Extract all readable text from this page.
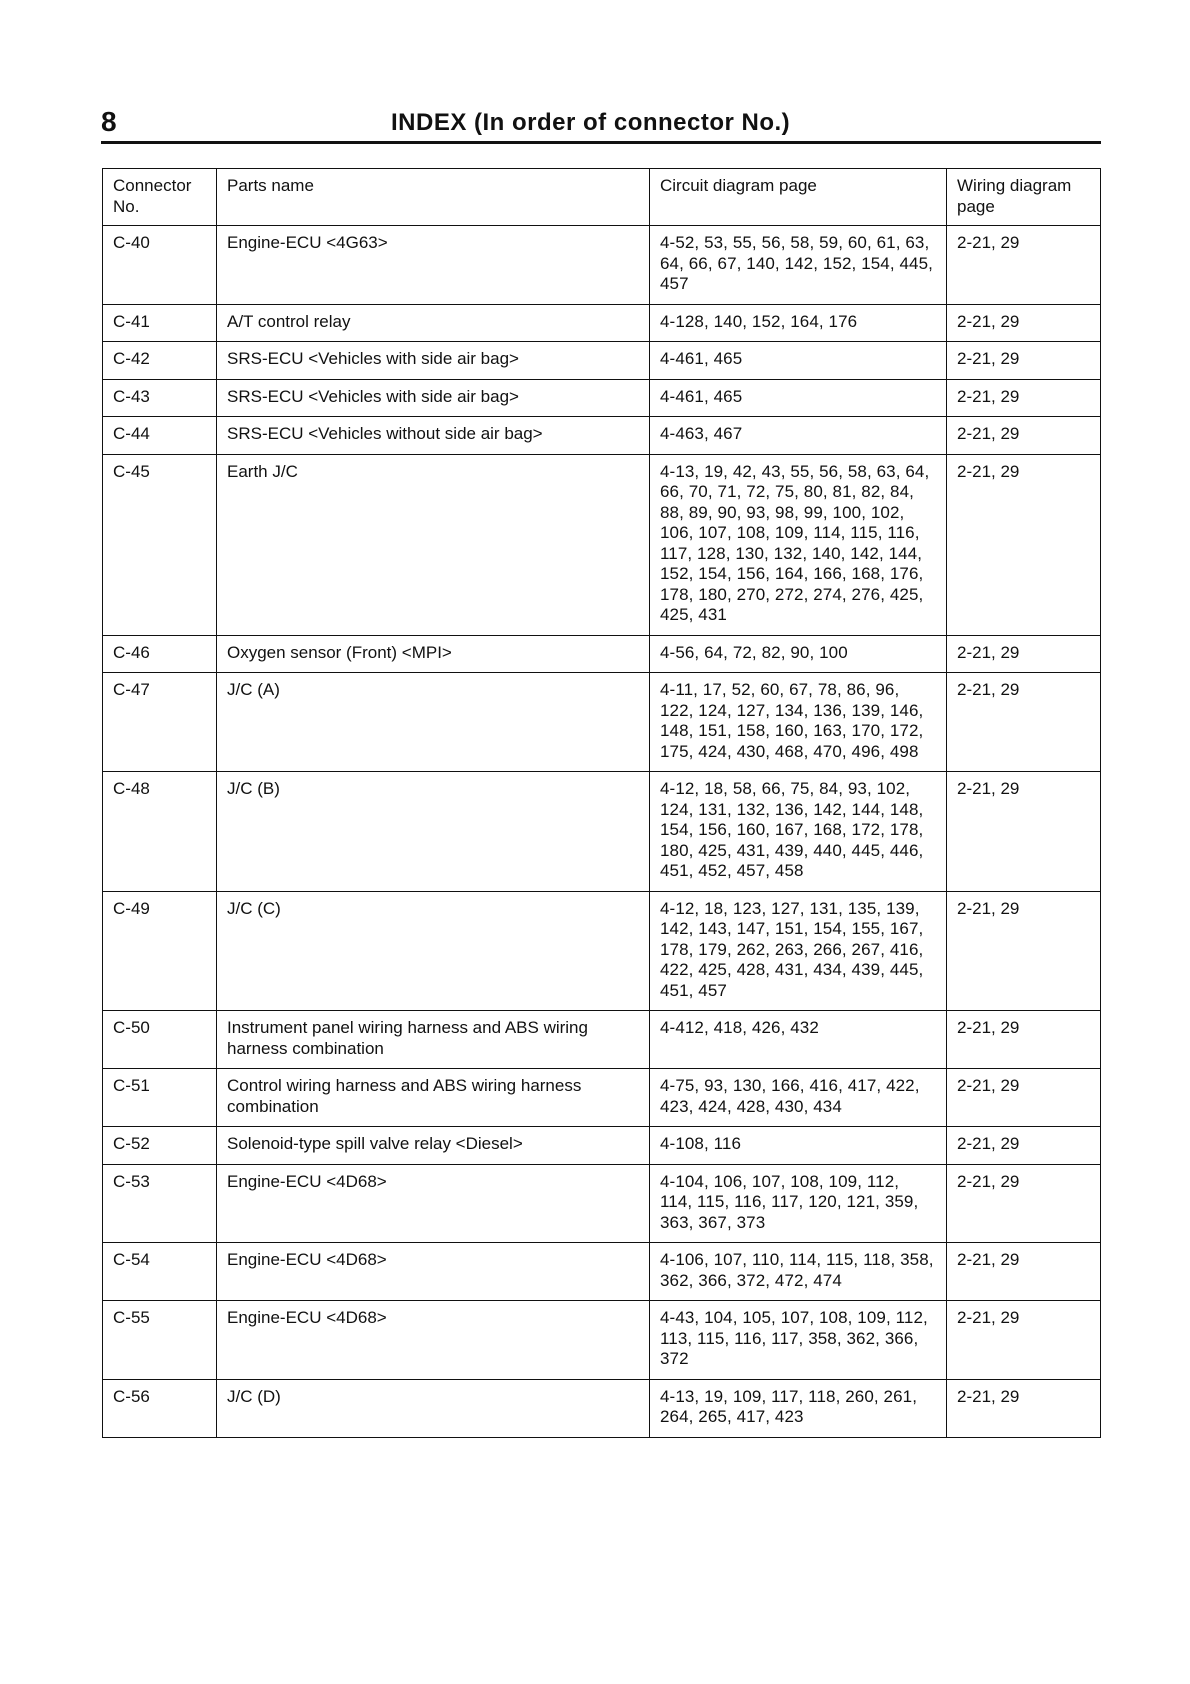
8	INDEX (In order of connector No.)
Connector No.	Parts name	Circuit diagram page	Wiring diagram page
C-40	Engine-ECU <4G63>	4-52, 53, 55, 56, 58, 59, 60, 61, 63, 64, 66, 67, 140, 142, 152, 154, 445, 457	2-21, 29
C-41	A/T control relay	4-128, 140, 152, 164, 176	2-21, 29
C-42	SRS-ECU <Vehicles with side air bag>	4-461, 465	2-21, 29
C-43	SRS-ECU <Vehicles with side air bag>	4-461, 465	2-21, 29
C-44	SRS-ECU <Vehicles without side air bag>	4-463, 467	2-21, 29
C-45	Earth J/C	4-13, 19, 42, 43, 55, 56, 58, 63, 64, 66, 70, 71, 72, 75, 80, 81, 82, 84, 88, 89, 90, 93, 98, 99, 100, 102, 106, 107, 108, 109, 114, 115, 116, 117, 128, 130, 132, 140, 142, 144, 152, 154, 156, 164, 166, 168, 176, 178, 180, 270, 272, 274, 276, 425, 425, 431	2-21, 29
C-46	Oxygen sensor (Front) <MPI>	4-56, 64, 72, 82, 90, 100	2-21, 29
C-47	J/C (A)	4-11, 17, 52, 60, 67, 78, 86, 96, 122, 124, 127, 134, 136, 139, 146, 148, 151, 158, 160, 163, 170, 172, 175, 424, 430, 468, 470, 496, 498	2-21, 29
C-48	J/C (B)	4-12, 18, 58, 66, 75, 84, 93, 102, 124, 131, 132, 136, 142, 144, 148, 154, 156, 160, 167, 168, 172, 178, 180, 425, 431, 439, 440, 445, 446, 451, 452, 457, 458	2-21, 29
C-49	J/C (C)	4-12, 18, 123, 127, 131, 135, 139, 142, 143, 147, 151, 154, 155, 167, 178, 179, 262, 263, 266, 267, 416, 422, 425, 428, 431, 434, 439, 445, 451, 457	2-21, 29
C-50	Instrument panel wiring harness and ABS wiring harness combination	4-412, 418, 426, 432	2-21, 29
C-51	Control wiring harness and ABS wiring harness combination	4-75, 93, 130, 166, 416, 417, 422, 423, 424, 428, 430, 434	2-21, 29
C-52	Solenoid-type spill valve relay <Diesel>	4-108, 116	2-21, 29
C-53	Engine-ECU <4D68>	4-104, 106, 107, 108, 109, 112, 114, 115, 116, 117, 120, 121, 359, 363, 367, 373	2-21, 29
C-54	Engine-ECU <4D68>	4-106, 107, 110, 114, 115, 118, 358, 362, 366, 372, 472, 474	2-21, 29
C-55	Engine-ECU <4D68>	4-43, 104, 105, 107, 108, 109, 112, 113, 115, 116, 117, 358, 362, 366, 372	2-21, 29
C-56	J/C (D)	4-13, 19, 109, 117, 118, 260, 261, 264, 265, 417, 423	2-21, 29
